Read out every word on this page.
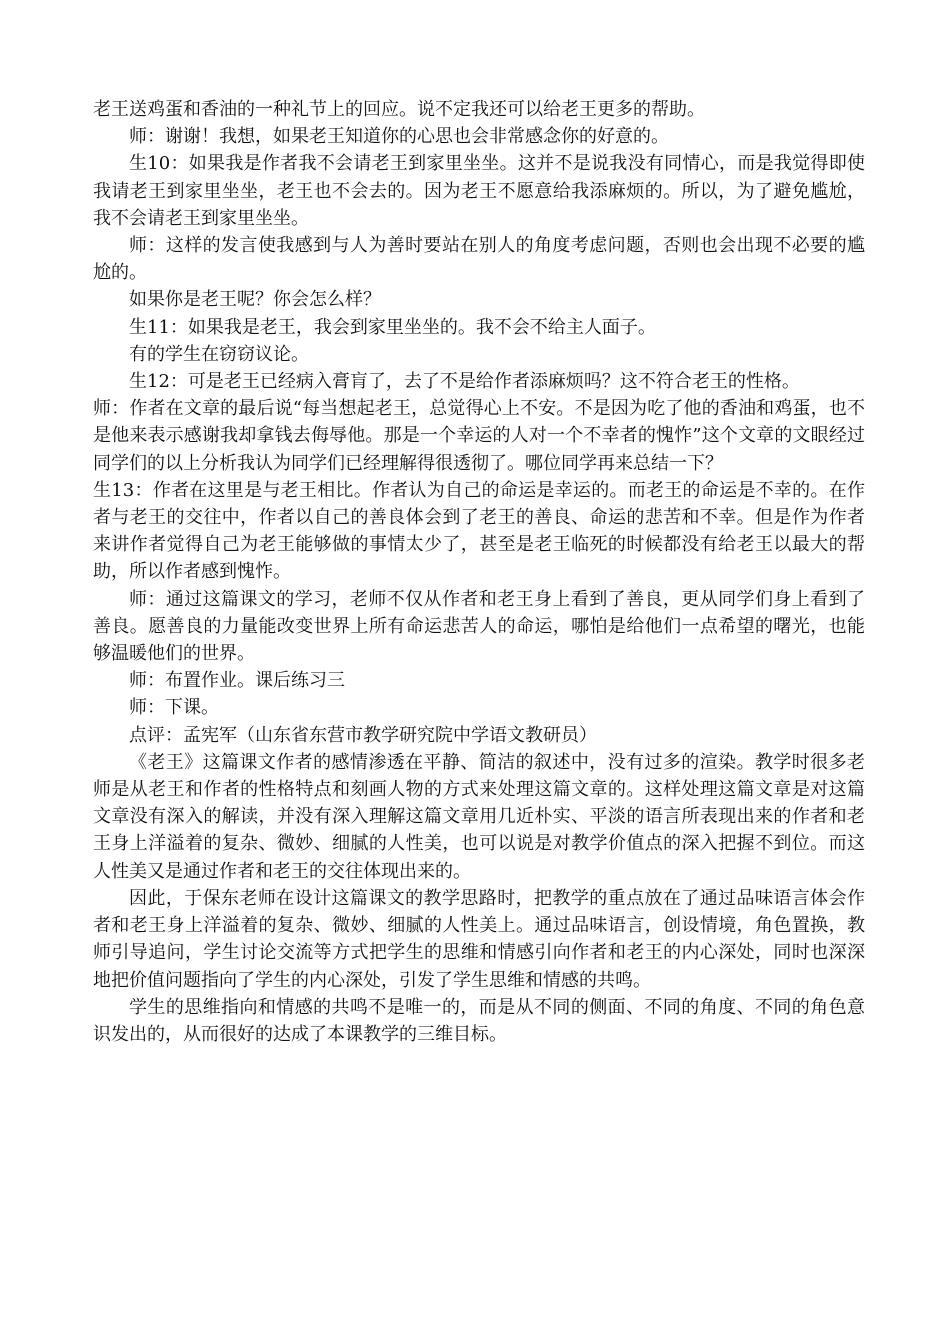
老王送鸡蛋和香油的一种礼节上的回应。说不定我还可以给老王更多的帮助。

师：谢谢！我想，如果老王知道你的心思也会非常感念你的好意的。

生10：如果我是作者我不会请老王到家里坐坐。这并不是说我没有同情心，而是我觉得即使我请老王到家里坐坐，老王也不会去的。因为老王不愿意给我添麻烦的。所以，为了避免尴尬，我不会请老王到家里坐坐。

师：这样的发言使我感到与人为善时要站在别人的角度考虑问题，否则也会出现不必要的尴尬的。

如果你是老王呢？你会怎么样？

生11：如果我是老王，我会到家里坐坐的。我不会不给主人面子。

有的学生在窃窃议论。

生12：可是老王已经病入膏肓了，去了不是给作者添麻烦吗？这不符合老王的性格。

师：作者在文章的最后说“每当想起老王，总觉得心上不安。不是因为吃了他的香油和鸡蛋，也不是他来表示感谢我却拿钱去侮辱他。那是一个幸运的人对一个不幸者的愧怍”这个文章的文眼经过同学们的以上分析我认为同学们已经理解得很透彻了。哪位同学再来总结一下？

生13：作者在这里是与老王相比。作者认为自己的命运是幸运的。而老王的命运是不幸的。在作者与老王的交往中，作者以自己的善良体会到了老王的善良、命运的悲苦和不幸。但是作为作者来讲作者觉得自己为老王能够做的事情太少了，甚至是老王临死的时候都没有给老王以最大的帮助，所以作者感到愧怍。

师：通过这篇课文的学习，老师不仅从作者和老王身上看到了善良，更从同学们身上看到了善良。愿善良的力量能改变世界上所有命运悲苦人的命运，哪怕是给他们一点希望的曙光，也能够温暖他们的世界。

师：布置作业。课后练习三

师：下课。

点评：孟宪军（山东省东营市教学研究院中学语文教研员）

《老王》这篇课文作者的感情渗透在平静、简洁的叙述中，没有过多的渲染。教学时很多老师是从老王和作者的性格特点和刻画人物的方式来处理这篇文章的。这样处理这篇文章是对这篇文章没有深入的解读，并没有深入理解这篇文章用几近朴实、平淡的语言所表现出来的作者和老王身上洋溢着的复杂、微妙、细腻的人性美，也可以说是对教学价值点的深入把握不到位。而这人性美又是通过作者和老王的交往体现出来的。

因此，于保东老师在设计这篇课文的教学思路时，把教学的重点放在了通过品味语言体会作者和老王身上洋溢着的复杂、微妙、细腻的人性美上。通过品味语言，创设情境，角色置换，教师引导追问，学生讨论交流等方式把学生的思维和情感引向作者和老王的内心深处，同时也深深地把价值问题指向了学生的内心深处，引发了学生思维和情感的共鸣。

学生的思维指向和情感的共鸣不是唯一的，而是从不同的侧面、不同的角度、不同的角色意识发出的，从而很好的达成了本课教学的三维目标。
